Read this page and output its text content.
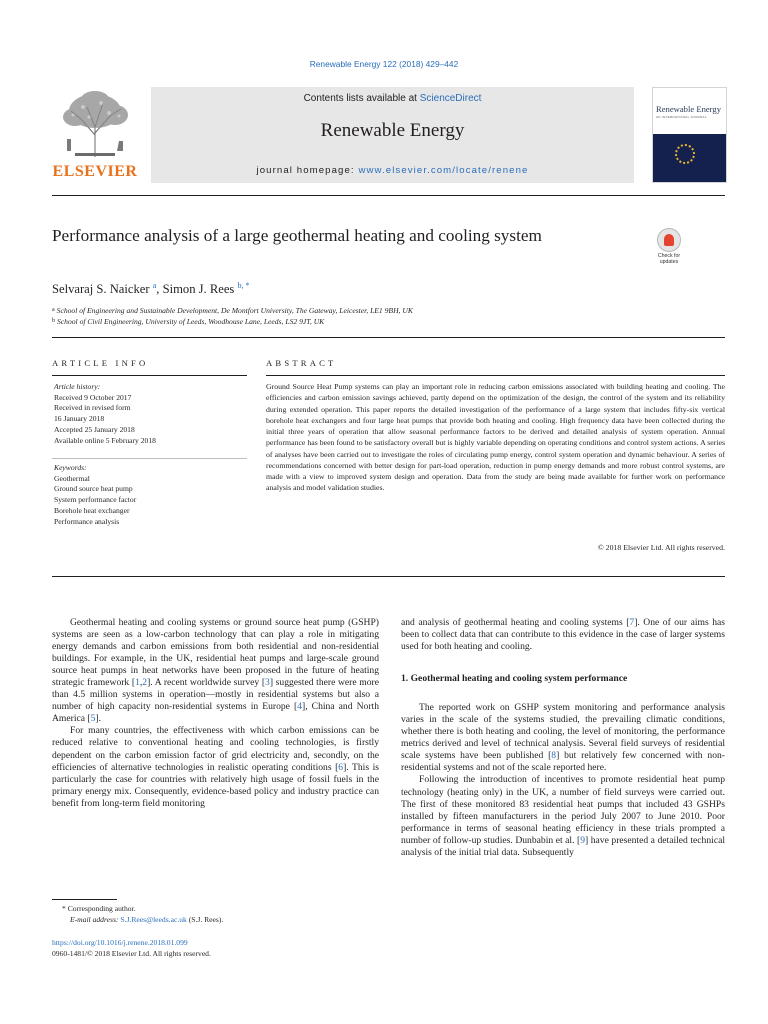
Renewable Energy 122 (2018) 429–442
ELSEVIER
Contents lists available at ScienceDirect
Renewable Energy
journal homepage: www.elsevier.com/locate/renene
Renewable Energy
AN INTERNATIONAL JOURNAL
Performance analysis of a large geothermal heating and cooling system
Check for updates
Selvaraj S. Naicker $^a$, Simon J. Rees $^{b, *}$
$^a$ School of Engineering and Sustainable Development, De Montfort University, The Gateway, Leicester, LE1 9BH, UK
$^b$ School of Civil Engineering, University of Leeds, Woodhouse Lane, Leeds, LS2 9JT, UK
ARTICLE INFO
Article history:
Received 9 October 2017
Received in revised form
16 January 2018
Accepted 25 January 2018
Available online 5 February 2018
Keywords:
Geothermal
Ground source heat pump
System performance factor
Borehole heat exchanger
Performance analysis
ABSTRACT
Ground Source Heat Pump systems can play an important role in reducing carbon emissions associated with building heating and cooling. The efficiencies and carbon emission savings achieved, partly depend on the optimization of the design, the control of the system and its reliability during extended operation. This paper reports the detailed investigation of the performance of a large system that includes fifty-six vertical borehole heat exchangers and four large heat pumps that provide both heating and cooling. High frequency data have been collected during the initial three years of operation that allow seasonal performance factors to be derived and detailed analysis of system operation. Annual performance has been found to be satisfactory overall but is highly variable depending on operating conditions and control system actions. A series of analyses have been carried out to investigate the roles of circulating pump energy, control system operation and dynamic behaviour. A series of recommendations concerned with better design for part-load operation, reduction in pump energy demands and more robust control systems, are made with a view to improved system design and operation. Data from the study are being made available for further work on performance analysis and model validation studies.
© 2018 Elsevier Ltd. All rights reserved.

Geothermal heating and cooling systems or ground source heat pump (GSHP) systems are seen as a low-carbon technology that can play a role in mitigating energy demands and carbon emissions from both residential and non-residential buildings. For example, in the UK, residential heat pumps and large-scale ground source heat pumps in heat networks have been proposed in the future of heating strategic framework [1,2]. A recent worldwide survey [3] suggested there were more than 4.5 million systems in operation—mostly in residential systems but also a number of high capacity non-residential systems in Europe [4], China and North America [5].

For many countries, the effectiveness with which carbon emissions can be reduced relative to conventional heating and cooling technologies, is firstly dependent on the carbon emission factor of grid electricity and, secondly, on the efficiencies of alternative technologies in realistic operating conditions [6]. This is particularly the case for countries with relatively high usage of fossil fuels in the primary energy mix. Consequently, evidence-based policy and industry practice can benefit from long-term field monitoring

and analysis of geothermal heating and cooling systems [7]. One of our aims has been to collect data that can contribute to this evidence in the case of larger systems used for both heating and cooling.

1. Geothermal heating and cooling system performance

The reported work on GSHP system monitoring and performance analysis varies in the scale of the systems studied, the prevailing climatic conditions, whether there is both heating and cooling, the level of monitoring, the performance metrics derived and level of technical analysis. Several field surveys of residential scale systems have been published [8] but relatively few concerned with non-residential systems and not of the scale reported here.

Following the introduction of incentives to promote residential heat pump technology (heating only) in the UK, a number of field surveys were carried out. The first of these monitored 83 residential heat pumps that included 43 GSHPs installed by fifteen manufacturers in the period July 2007 to June 2010. Poor performance in terms of seasonal heating efficiency in these trials prompted a number of follow-up studies. Dunbabin et al. [9] have presented a detailed technical analysis of the initial trial data. Subsequently

* Corresponding author.
E-mail address: S.J.Rees@leeds.ac.uk (S.J. Rees).
https://doi.org/10.1016/j.renene.2018.01.099
0960-1481/© 2018 Elsevier Ltd. All rights reserved.
